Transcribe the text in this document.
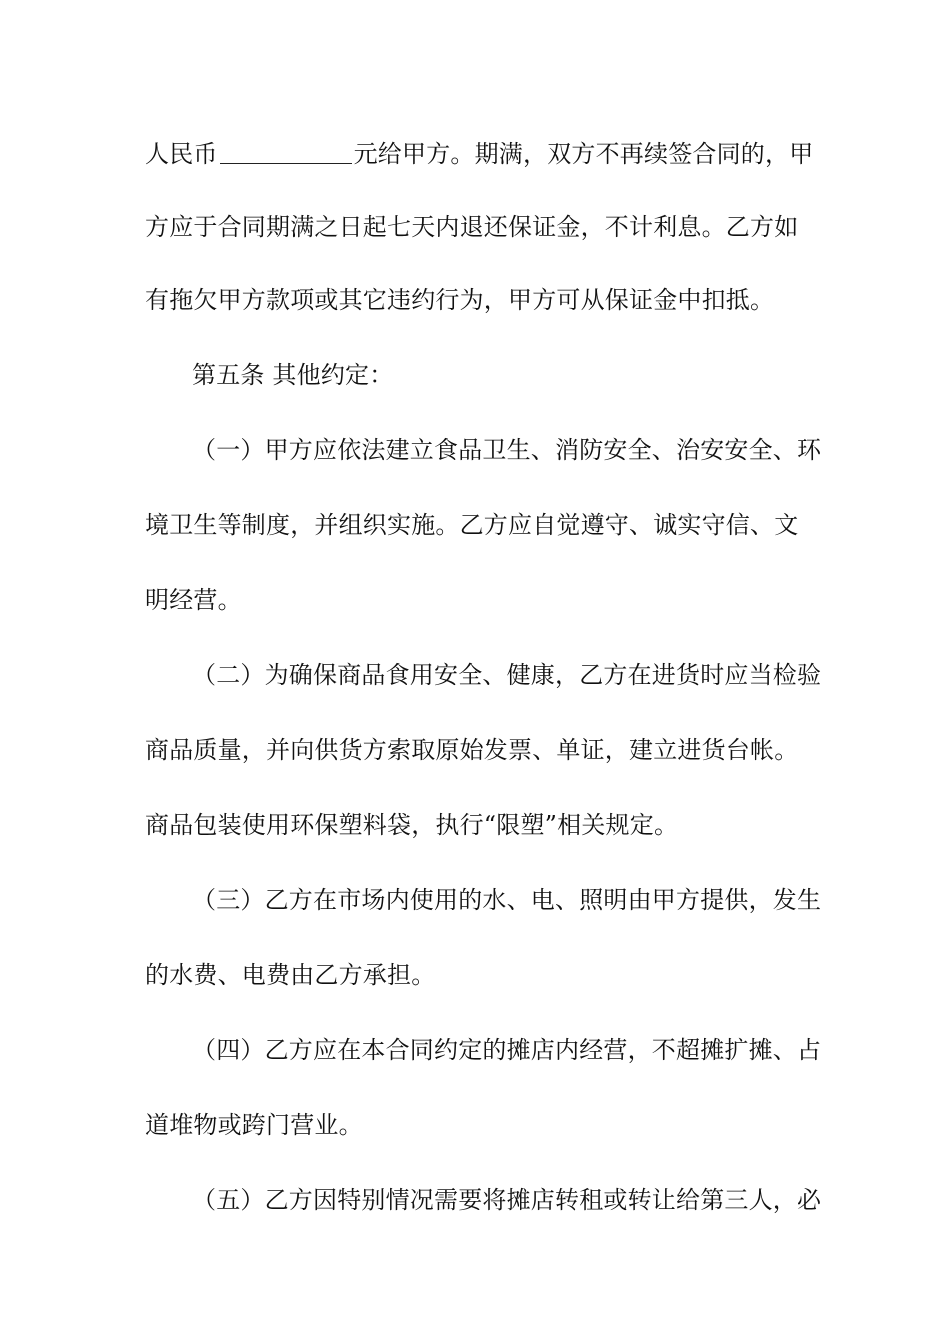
人民币	元给甲方。期满，双方不再续签合同的，甲
方应于合同期满之日起七天内退还保证金，不计利息。乙方如
有拖欠甲方款项或其它违约行为，甲方可从保证金中扣抵。
第五条 其他约定：
（一）甲方应依法建立食品卫生、消防安全、治安安全、环
境卫生等制度，并组织实施。乙方应自觉遵守、诚实守信、文
明经营。
（二）为确保商品食用安全、健康，乙方在进货时应当检验
商品质量，并向供货方索取原始发票、单证，建立进货台帐。
商品包装使用环保塑料袋，执行“限塑”相关规定。
（三）乙方在市场内使用的水、电、照明由甲方提供，发生
的水费、电费由乙方承担。
（四）乙方应在本合同约定的摊店内经营，不超摊扩摊、占
道堆物或跨门营业。
（五）乙方因特别情况需要将摊店转租或转让给第三人，必
